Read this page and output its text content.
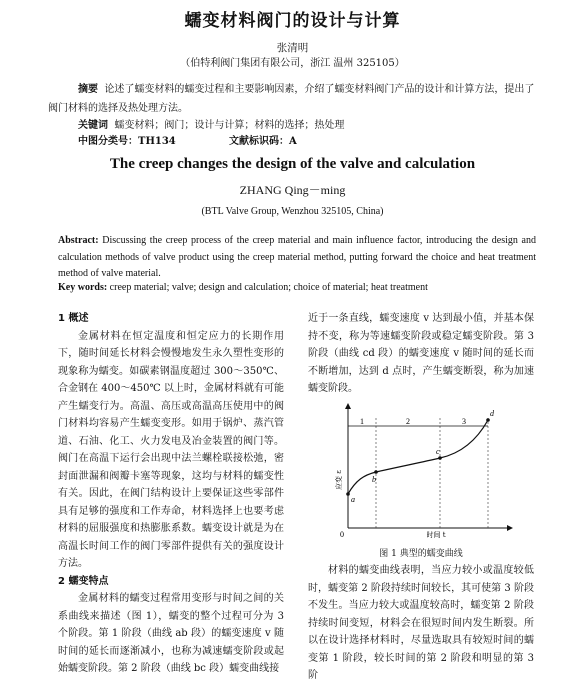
蠕变材料阀门的设计与计算
张清明
（伯特利阀门集团有限公司，浙江 温州 325105）
摘要 论述了蠕变材料的蠕变过程和主要影响因素，介绍了蠕变材料阀门产品的设计和计算方法，提出了阀门材料的选择及热处理方法。
关键词 蠕变材料；阀门；设计与计算；材料的选择；热处理
中图分类号：TH134	文献标识码：A
The creep changes the design of the valve and calculation
ZHANG Qing－ming
(BTL Valve Group, Wenzhou 325105, China)
Abstract: Discussing the creep process of the creep material and main influence factor, introducing the design and calculation methods of valve product using the creep material method, putting forward the choice and heat treatment method of valve material.
Key words: creep material; valve; design and calculation; choice of material; heat treatment
1 概述

金属材料在恒定温度和恒定应力的长期作用下，随时间延长材料会慢慢地发生永久塑性变形的现象称为蠕变。如碳素钢温度超过 300～350℃、合金钢在 400～450℃ 以上时，金属材料就有可能产生蠕变行为。高温、高压或高温高压使用中的阀门材料均容易产生蠕变变形。如用于锅炉、蒸汽管道、石油、化工、火力发电及冶金装置的阀门等。阀门在高温下运行会出现中法兰螺栓联接松弛，密封面泄漏和阀瓣卡塞等现象，这均与材料的蠕变性有关。因此，在阀门结构设计上要保证这些零部件具有足够的强度和工作寿命，材料选择上也要考虑材料的屈服强度和热膨胀系数。蠕变设计就是为在高温长时间工作的阀门零部件提供有关的强度设计方法。

2 蠕变特点

金属材料的蠕变过程常用变形与时间之间的关系曲线来描述（图 1），蠕变的整个过程可分为 3 个阶段。第 1 阶段（曲线 ab 段）的蠕变速度 v 随时间的延长而逐渐减小，也称为减速蠕变阶段或起始蠕变阶段。第 2 阶段（曲线 bc 段）蠕变曲线接

近于一条直线，蠕变速度 v 达到最小值，并基本保持不变，称为等速蠕变阶段或稳定蠕变阶段。第 3 阶段（曲线 cd 段）的蠕变速度 v 随时间的延长而不断增加，达到 d 点时，产生蠕变断裂，称为加速蠕变阶段。

1	2	3
a
b
c
d
0
应变 ε
时间 t
图 1 典型的蠕变曲线

材料的蠕变曲线表明，当应力较小或温度较低时，蠕变第 2 阶段持续时间较长，其可使第 3 阶段不发生。当应力较大或温度较高时，蠕变第 2 阶段持续时间变短，材料会在很短时间内发生断裂。所以在设计选择材料时，尽量选取具有较短时间的蠕变第 1 阶段，较长时间的第 2 阶段和明显的第 3 阶
